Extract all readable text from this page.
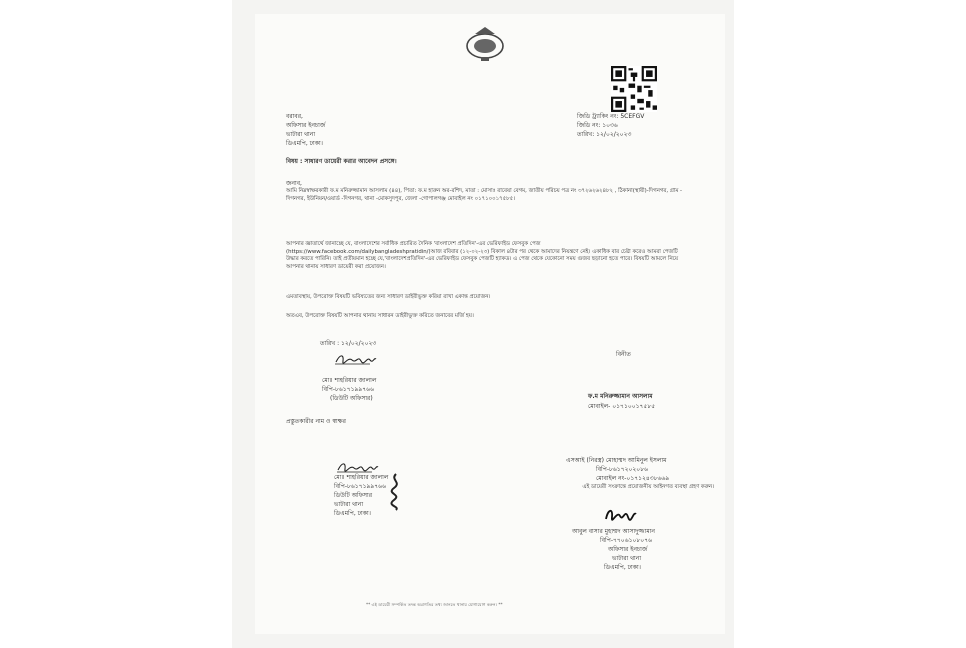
জিডি ট্র্যাকিং নং: 5CEFGV
জিডি নং: ১০৩৬
তারিখ: ১২/০২/২০২৩
বরাবর,
অফিসার ইনচার্জ
ভাটারা থানা
ডিএমপি, ঢাকা।
বিষয় : সাধারণ ডায়েরী করার আবেদন প্রসঙ্গে।
জনাব,
আমি নিম্নস্বাক্ষরকারী ফ.ম মনিরুজ্জামান আসলাম (৪৪), পিতা: ফ.ম হারুন অর-রশিদ, মাতা : মোসাঃ রাবেয়া বেগম, জাতীয় পরিচয় পত্র নং ৩৭২৬২৬২৪৮২ , ঠিকানা(স্থায়ী)-দিগনগর, গ্রাম - দিগনগর, ইউনিয়ন/ওয়ার্ড -দিগনগর, থানা -মোকসুদপুর, জেলা -গোপালগঞ্জ মোবাইল নং ০১৭১০০১৭৫৮৫।
আপনার জ্ঞাতার্থে জানাচ্ছে যে, বাংলাদেশের সর্বাধিক প্রচারিত দৈনিক 'বাংলাদেশ প্রতিদিন'-এর ভেরিফাইড ফেসবুক পেজ (https://www.facebook.com/dailybangladeshpratidin/)আজ রবিবার (১২-০২-২৩) বিকাল ৪টার পর থেকে আমাদের নিয়ন্ত্রণে নেই। একাধিক বার চেষ্টা করেও আমরা পেজটি উদ্ধার করতে পারিনি। তাই প্রতীয়মান হচ্ছে যে,'বাংলাদেশপ্রতিদিন'-এর ভেরিফাইড ফেসবুক পেজটি হ্যাকড। এ পেজ থেকে যেকোনো সময় গুজব ছড়ানো হতে পারে। বিষয়টি আমলে নিয়ে আপনার থানায় সাধারণ ডায়েরী করা প্রয়োজন।
এমতাবস্থায়, উপরোক্ত বিষয়টি ভবিষ্যতের জন্য সাধারণ ডাইরীভুক্ত করিয়া রাখা একান্ত প্রয়োজন।
অতএব, উপরোক্ত বিষয়টি আপনার থানায় সাধারন ডাইরীভুক্ত করিতে জনাবের মর্জি হয়।
তারিখ : ১২/০২/২০২৩
মোঃ শাহরিয়ার জালাল
বিপি-৮৬১৭১৯৯৭৬৬
(ডিউটি অফিসার)
প্রস্তুতকারীর নাম ও স্বাক্ষর
বিনীত
ফ.ম মনিরুজ্জামান আসলাম
মোবাইল- ০১৭১০০১৭৫৮৫
মোঃ শাহরিয়ার জালাল
বিপি-৮৬১৭১৯৯৭৬৬
ডিউটি অফিসার
ভাটারা থানা
ডিএমপি, ঢাকা।
এসআই (নিরস্ত্র) মোহাম্মদ আমিনুল ইসলাম
বিপি-৮৬১৭২০২০৮৬
মোবাইল নং-০১৭১২৪৩৮৬৬৯
এই ডায়েরী সংক্রান্তে প্রয়োজনীয় আইনগত ব্যবস্থা গ্রহণ করুন।
আবুল বাসার মুহাম্মদ আসাদুজ্জামান
বিপি-৭৭০৬১০৮০৭৬
অফিসার ইনচার্জ
ভাটারা থানা
ডিএমপি, ঢাকা।
** এই ডায়েরী সম্পর্কিত তদন্ত অগ্রগতির তথ্য জানতে থানায় যোগাযোগ করুন। **
